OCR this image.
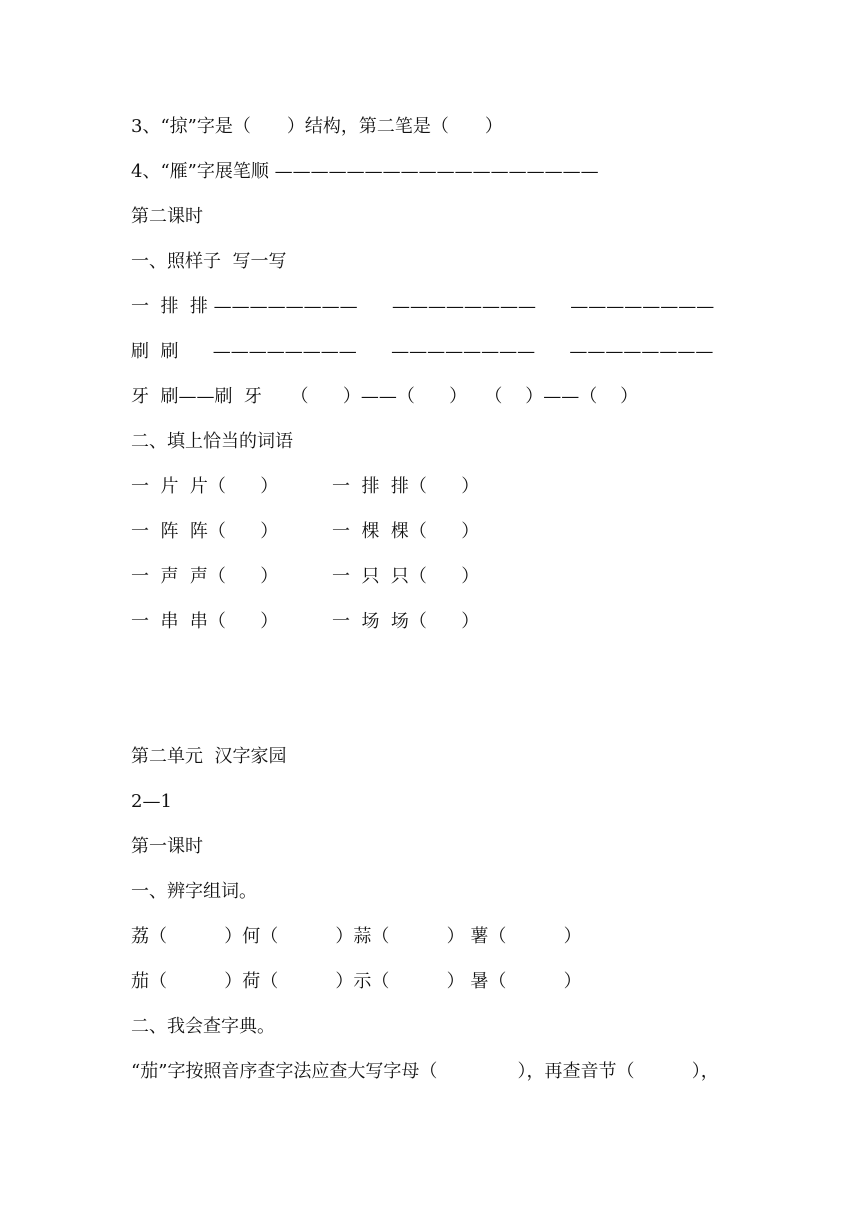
3、“掠”字是（　　）结构，第二笔是（　　）
4、“雁”字展笔顺 ——————————————————
第二课时
一、照样子  写一写
一  排  排 ————————      ————————      ————————
刷  刷      ————————      ————————      ————————
牙  刷——刷  牙     （      ）——（      ）   （    ）——（    ）
二、填上恰当的词语
一  片  片（      ）	一  排  排（      ）
一  阵  阵（      ）	一  棵  棵（      ）
一  声  声（      ）	一  只  只（      ）
一  串  串（      ）	一  场  场（      ）
第二单元  汉字家园
2—1
第一课时
一、辨字组词。
荔（          ）何（          ）蒜（          ） 薯（          ）
茄（          ）荷（          ）示（          ） 暑（          ）
二、我会查字典。
“茄”字按照音序查字法应查大写字母（              ），再查音节（          ），
